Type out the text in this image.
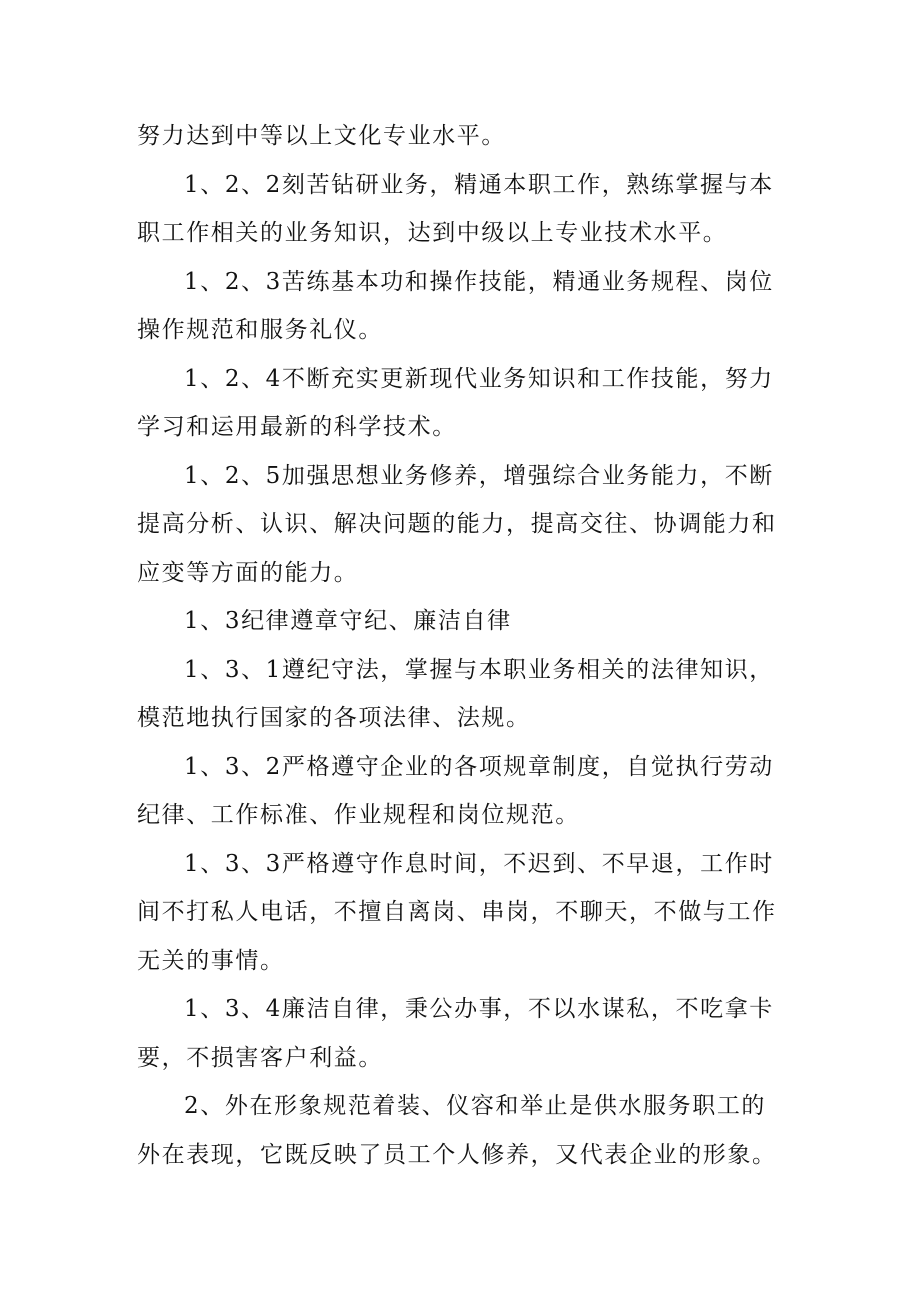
努力达到中等以上文化专业水平。

1、2、2刻苦钻研业务，精通本职工作，熟练掌握与本职工作相关的业务知识，达到中级以上专业技术水平。

1、2、3苦练基本功和操作技能，精通业务规程、岗位操作规范和服务礼仪。

1、2、4不断充实更新现代业务知识和工作技能，努力学习和运用最新的科学技术。

1、2、5加强思想业务修养，增强综合业务能力，不断提高分析、认识、解决问题的能力，提高交往、协调能力和应变等方面的能力。

1、3纪律遵章守纪、廉洁自律

1、3、1遵纪守法，掌握与本职业务相关的法律知识，模范地执行国家的各项法律、法规。

1、3、2严格遵守企业的各项规章制度，自觉执行劳动纪律、工作标准、作业规程和岗位规范。

1、3、3严格遵守作息时间，不迟到、不早退，工作时间不打私人电话，不擅自离岗、串岗，不聊天，不做与工作无关的事情。

1、3、4廉洁自律，秉公办事，不以水谋私，不吃拿卡要，不损害客户利益。

2、外在形象规范着装、仪容和举止是供水服务职工的外在表现，它既反映了员工个人修养，又代表企业的形象。
